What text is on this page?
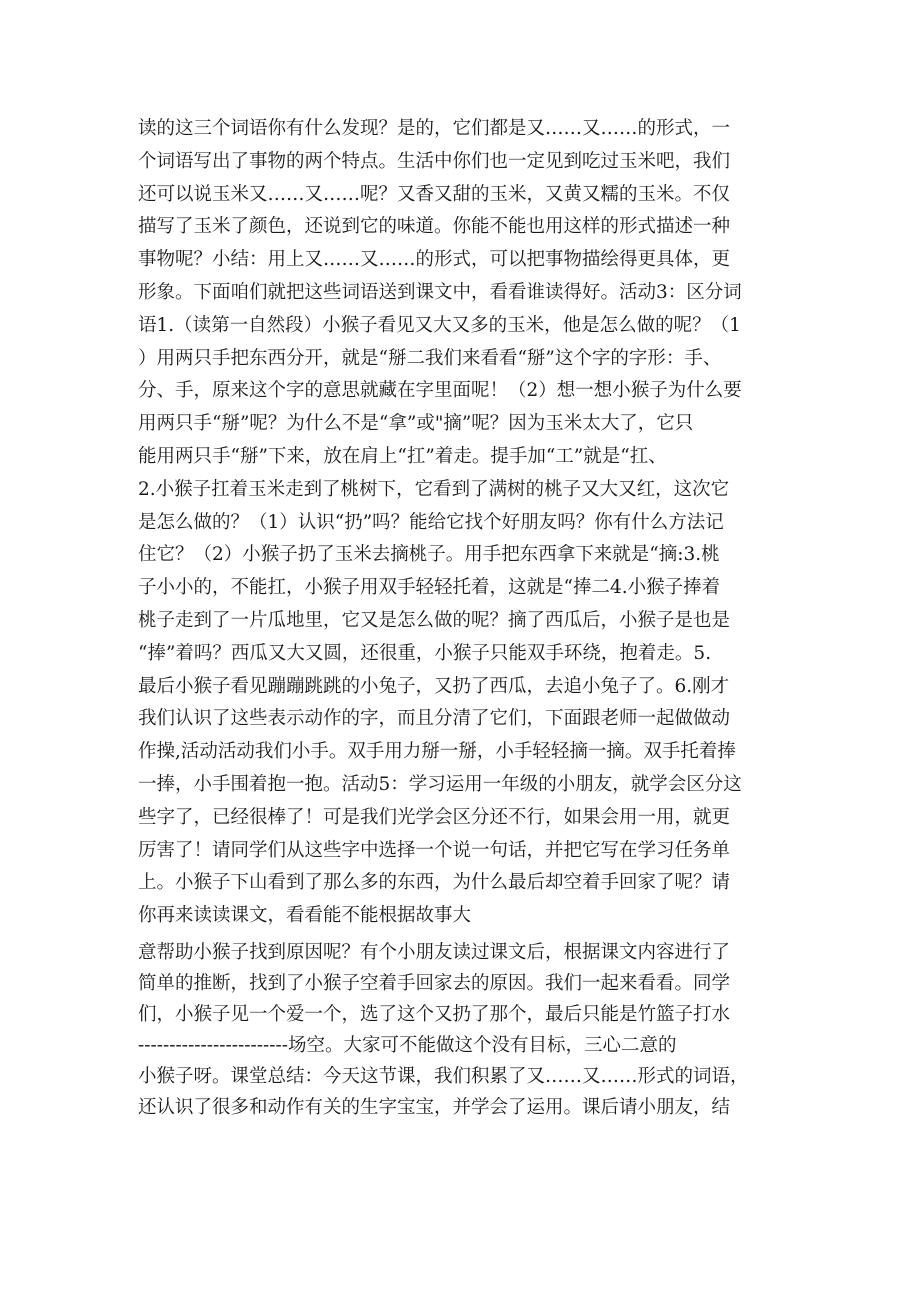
读的这三个词语你有什么发现？是的，它们都是又……又……的形式，一
个词语写出了事物的两个特点。生活中你们也一定见到吃过玉米吧，我们
还可以说玉米又……又……呢？又香又甜的玉米，又黄又糯的玉米。不仅
描写了玉米了颜色，还说到它的味道。你能不能也用这样的形式描述一种
事物呢？小结：用上又……又……的形式，可以把事物描绘得更具体，更
形象。下面咱们就把这些词语送到课文中，看看谁读得好。活动3：区分词
语1.（读第一自然段）小猴子看见又大又多的玉米，他是怎么做的呢？（1
）用两只手把东西分开，就是“掰二我们来看看“掰”这个字的字形：手、
分、手，原来这个字的意思就藏在字里面呢！（2）想一想小猴子为什么要
用两只手“掰”呢？为什么不是“拿”或"摘”呢？因为玉米太大了，它只
能用两只手“掰”下来，放在肩上“扛”着走。提手加“工”就是“扛、
2.小猴子扛着玉米走到了桃树下，它看到了满树的桃子又大又红，这次它
是怎么做的？（1）认识“扔”吗？能给它找个好朋友吗？你有什么方法记
住它？（2）小猴子扔了玉米去摘桃子。用手把东西拿下来就是“摘:3.桃
子小小的，不能扛，小猴子用双手轻轻托着，这就是“捧二4.小猴子捧着
桃子走到了一片瓜地里，它又是怎么做的呢？摘了西瓜后，小猴子是也是
“捧”着吗？西瓜又大又圆，还很重，小猴子只能双手环绕，抱着走。5.
最后小猴子看见蹦蹦跳跳的小兔子，又扔了西瓜，去追小兔子了。6.刚才
我们认识了这些表示动作的字，而且分清了它们，下面跟老师一起做做动
作操,活动活动我们小手。双手用力掰一掰，小手轻轻摘一摘。双手托着捧
一捧，小手围着抱一抱。活动5：学习运用一年级的小朋友，就学会区分这
些字了，已经很棒了！可是我们光学会区分还不行，如果会用一用，就更
厉害了！请同学们从这些字中选择一个说一句话，并把它写在学习任务单
上。小猴子下山看到了那么多的东西，为什么最后却空着手回家了呢？请
你再来读读课文，看看能不能根据故事大
意帮助小猴子找到原因呢？有个小朋友读过课文后，根据课文内容进行了
简单的推断，找到了小猴子空着手回家去的原因。我们一起来看看。同学
们，小猴子见一个爱一个，选了这个又扔了那个，最后只能是竹篮子打水
------------------------场空。大家可不能做这个没有目标，三心二意的
小猴子呀。课堂总结：今天这节课，我们积累了又……又……形式的词语，
还认识了很多和动作有关的生字宝宝，并学会了运用。课后请小朋友，结
